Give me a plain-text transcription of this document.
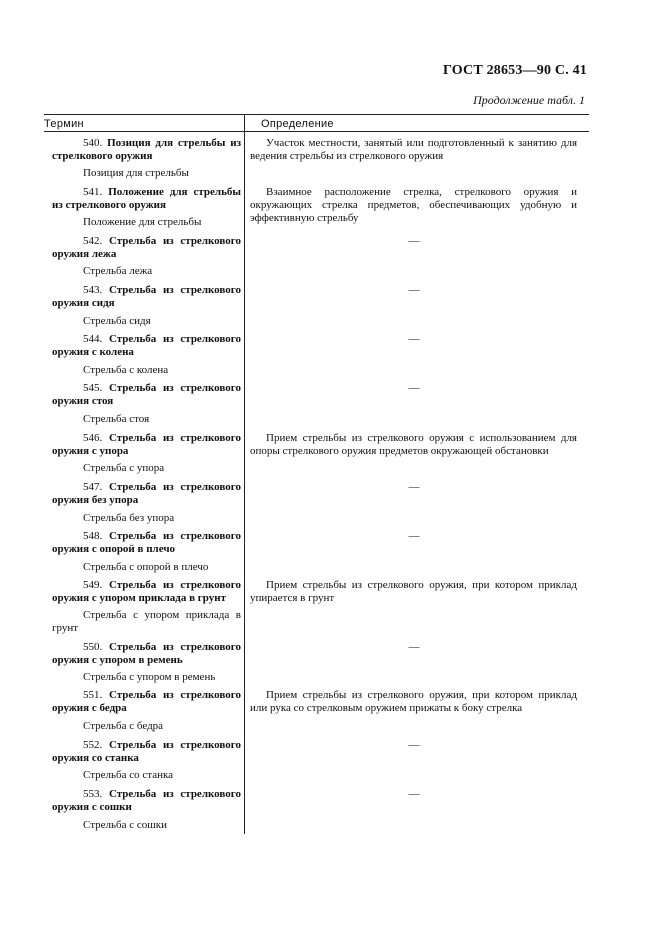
ГОСТ 28653—90 С. 41
Продолжение табл. 1
Термин	Определение
540. Позиция для стрельбы из стрелкового оружия
Позиция для стрельбы
Участок местности, занятый или подготовленный к занятию для ведения стрельбы из стрелкового оружия
541. Положение для стрельбы из стрелкового оружия
Положение для стрельбы
Взаимное расположение стрелка, стрелкового оружия и окружающих стрелка предметов, обеспечивающих удобную и эффективную стрельбу
542. Стрельба из стрелкового оружия лежа
Стрельба лежа
—
543. Стрельба из стрелкового оружия сидя
Стрельба сидя
—
544. Стрельба из стрелкового оружия с колена
Стрельба с колена
—
545. Стрельба из стрелкового оружия стоя
Стрельба стоя
—
546. Стрельба из стрелкового оружия с упора
Стрельба с упора
Прием стрельбы из стрелкового оружия с использованием для опоры стрелкового оружия предметов окружающей обстановки
547. Стрельба из стрелкового оружия без упора
Стрельба без упора
—
548. Стрельба из стрелкового оружия с опорой в плечо
Стрельба с опорой в плечо
—
549. Стрельба из стрелкового оружия с упором приклада в грунт
Стрельба с упором приклада в грунт
Прием стрельбы из стрелкового оружия, при котором приклад упирается в грунт
550. Стрельба из стрелкового оружия с упором в ремень
Стрельба с упором в ремень
—
551. Стрельба из стрелкового оружия с бедра
Стрельба с бедра
Прием стрельбы из стрелкового оружия, при котором приклад или рука со стрелковым оружием прижаты к боку стрелка
552. Стрельба из стрелкового оружия со станка
Стрельба со станка
—
553. Стрельба из стрелкового оружия с сошки
Стрельба с сошки
—
